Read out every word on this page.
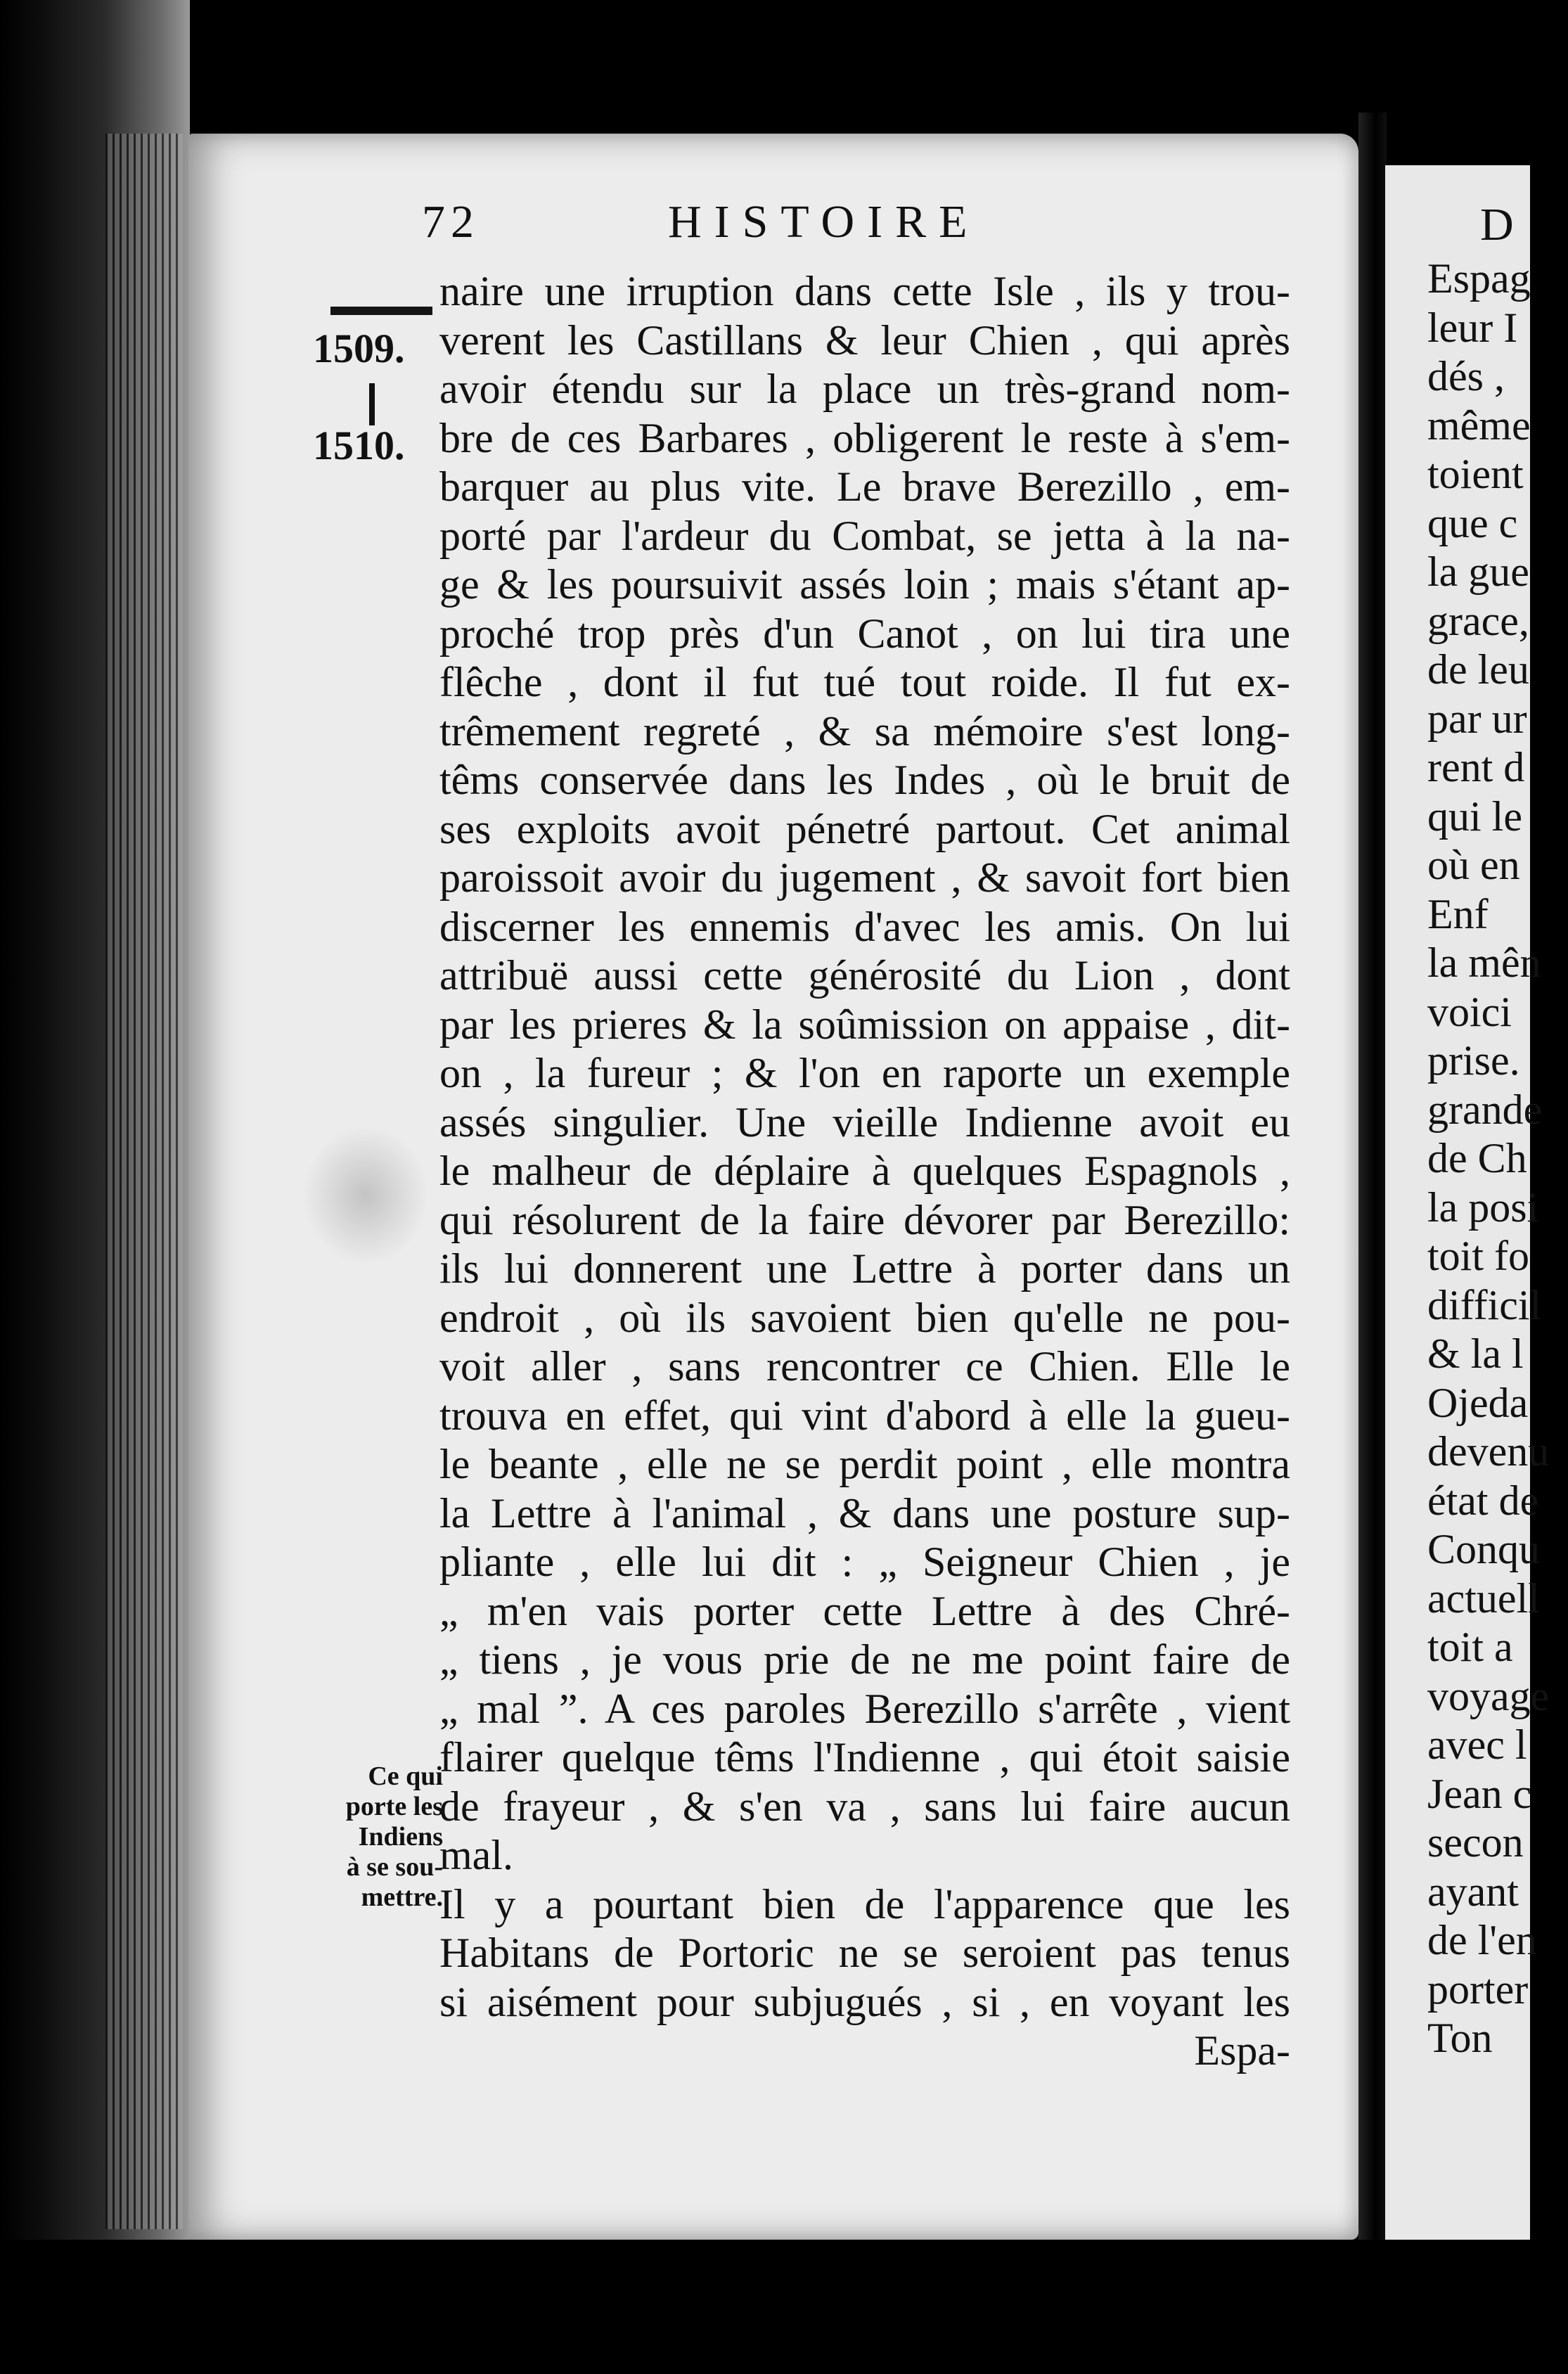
72	HISTOIRE
1509.
1510.
naire une irruption dans cette Isle , ils y trou-
verent les Castillans & leur Chien , qui après
avoir étendu sur la place un très-grand nom-
bre de ces Barbares , obligerent le reste à s'em-
barquer au plus vite. Le brave Berezillo , em-
porté par l'ardeur du Combat, se jetta à la na-
ge & les poursuivit assés loin ; mais s'étant ap-
proché trop près d'un Canot , on lui tira une
flêche , dont il fut tué tout roide. Il fut ex-
trêmement regreté , & sa mémoire s'est long-
têms conservée dans les Indes , où le bruit de
ses exploits avoit pénetré partout. Cet animal
paroissoit avoir du jugement , & savoit fort bien
discerner les ennemis d'avec les amis. On lui
attribuë aussi cette générosité du Lion , dont
par les prieres & la soûmission on appaise , dit-
on , la fureur ; & l'on en raporte un exemple
assés singulier. Une vieille Indienne avoit eu
le malheur de déplaire à quelques Espagnols ,
qui résolurent de la faire dévorer par Berezillo:
ils lui donnerent une Lettre à porter dans un
endroit , où ils savoient bien qu'elle ne pou-
voit aller , sans rencontrer ce Chien. Elle le
trouva en effet, qui vint d'abord à elle la gueu-
le beante , elle ne se perdit point , elle montra
la Lettre à l'animal , & dans une posture sup-
pliante , elle lui dit : „ Seigneur Chien , je
„ m'en vais porter cette Lettre à des Chré-
„ tiens , je vous prie de ne me point faire de
„ mal ”. A ces paroles Berezillo s'arrête , vient
flairer quelque têms l'Indienne , qui étoit saisie
de frayeur , & s'en va , sans lui faire aucun
mal.
Il y a pourtant bien de l'apparence que les
Habitans de Portoric ne se seroient pas tenus
si aisément pour subjugués , si , en voyant les
Espa-
Ce qui
porte les
Indiens
à se sou-
mettre.
D
Espag
leur I
dés ,
même
toient
que c
la gue
grace,
de leu
par ur
rent d
qui le
où en
Enf
la mên
voici
prise.
grande
de Ch
la posi
toit fo
difficil
& la l
Ojeda
devenu
état de
Conqu
actuell
toit a
voyage
avec l
Jean c
secon
ayant
de l'en
porter
Ton
